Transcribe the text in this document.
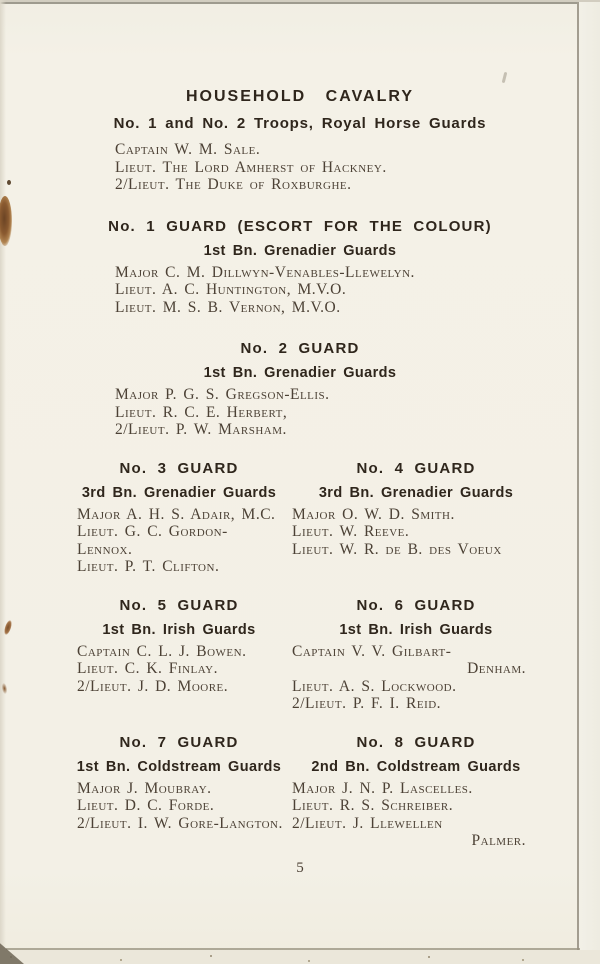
HOUSEHOLD CAVALRY
No. 1 and No. 2 Troops, Royal Horse Guards
Captain W. M. Sale.
Lieut. The Lord Amherst of Hackney.
2/Lieut. The Duke of Roxburghe.
No. 1 GUARD (ESCORT FOR THE COLOUR)
1st Bn. Grenadier Guards
Major C. M. Dillwyn-Venables-Llewelyn.
Lieut. A. C. Huntington, M.V.O.
Lieut. M. S. B. Vernon, M.V.O.
No. 2 GUARD
1st Bn. Grenadier Guards
Major P. G. S. Gregson-Ellis.
Lieut. R. C. E. Herbert,
2/Lieut. P. W. Marsham.
No. 3 GUARD
3rd Bn. Grenadier Guards
Major A. H. S. Adair, M.C.
Lieut. G. C. Gordon-Lennox.
Lieut. P. T. Clifton.
No. 4 GUARD
3rd Bn. Grenadier Guards
Major O. W. D. Smith.
Lieut. W. Reeve.
Lieut. W. R. de B. des Voeux
No. 5 GUARD
1st Bn. Irish Guards
Captain C. L. J. Bowen.
Lieut. C. K. Finlay.
2/Lieut. J. D. Moore.
No. 6 GUARD
1st Bn. Irish Guards
Captain V. V. Gilbart-
Denham.
Lieut. A. S. Lockwood.
2/Lieut. P. F. I. Reid.
No. 7 GUARD
1st Bn. Coldstream Guards
Major J. Moubray.
Lieut. D. C. Forde.
2/Lieut. I. W. Gore-Langton.
No. 8 GUARD
2nd Bn. Coldstream Guards
Major J. N. P. Lascelles.
Lieut. R. S. Schreiber.
2/Lieut. J. Llewellen
Palmer.
5
